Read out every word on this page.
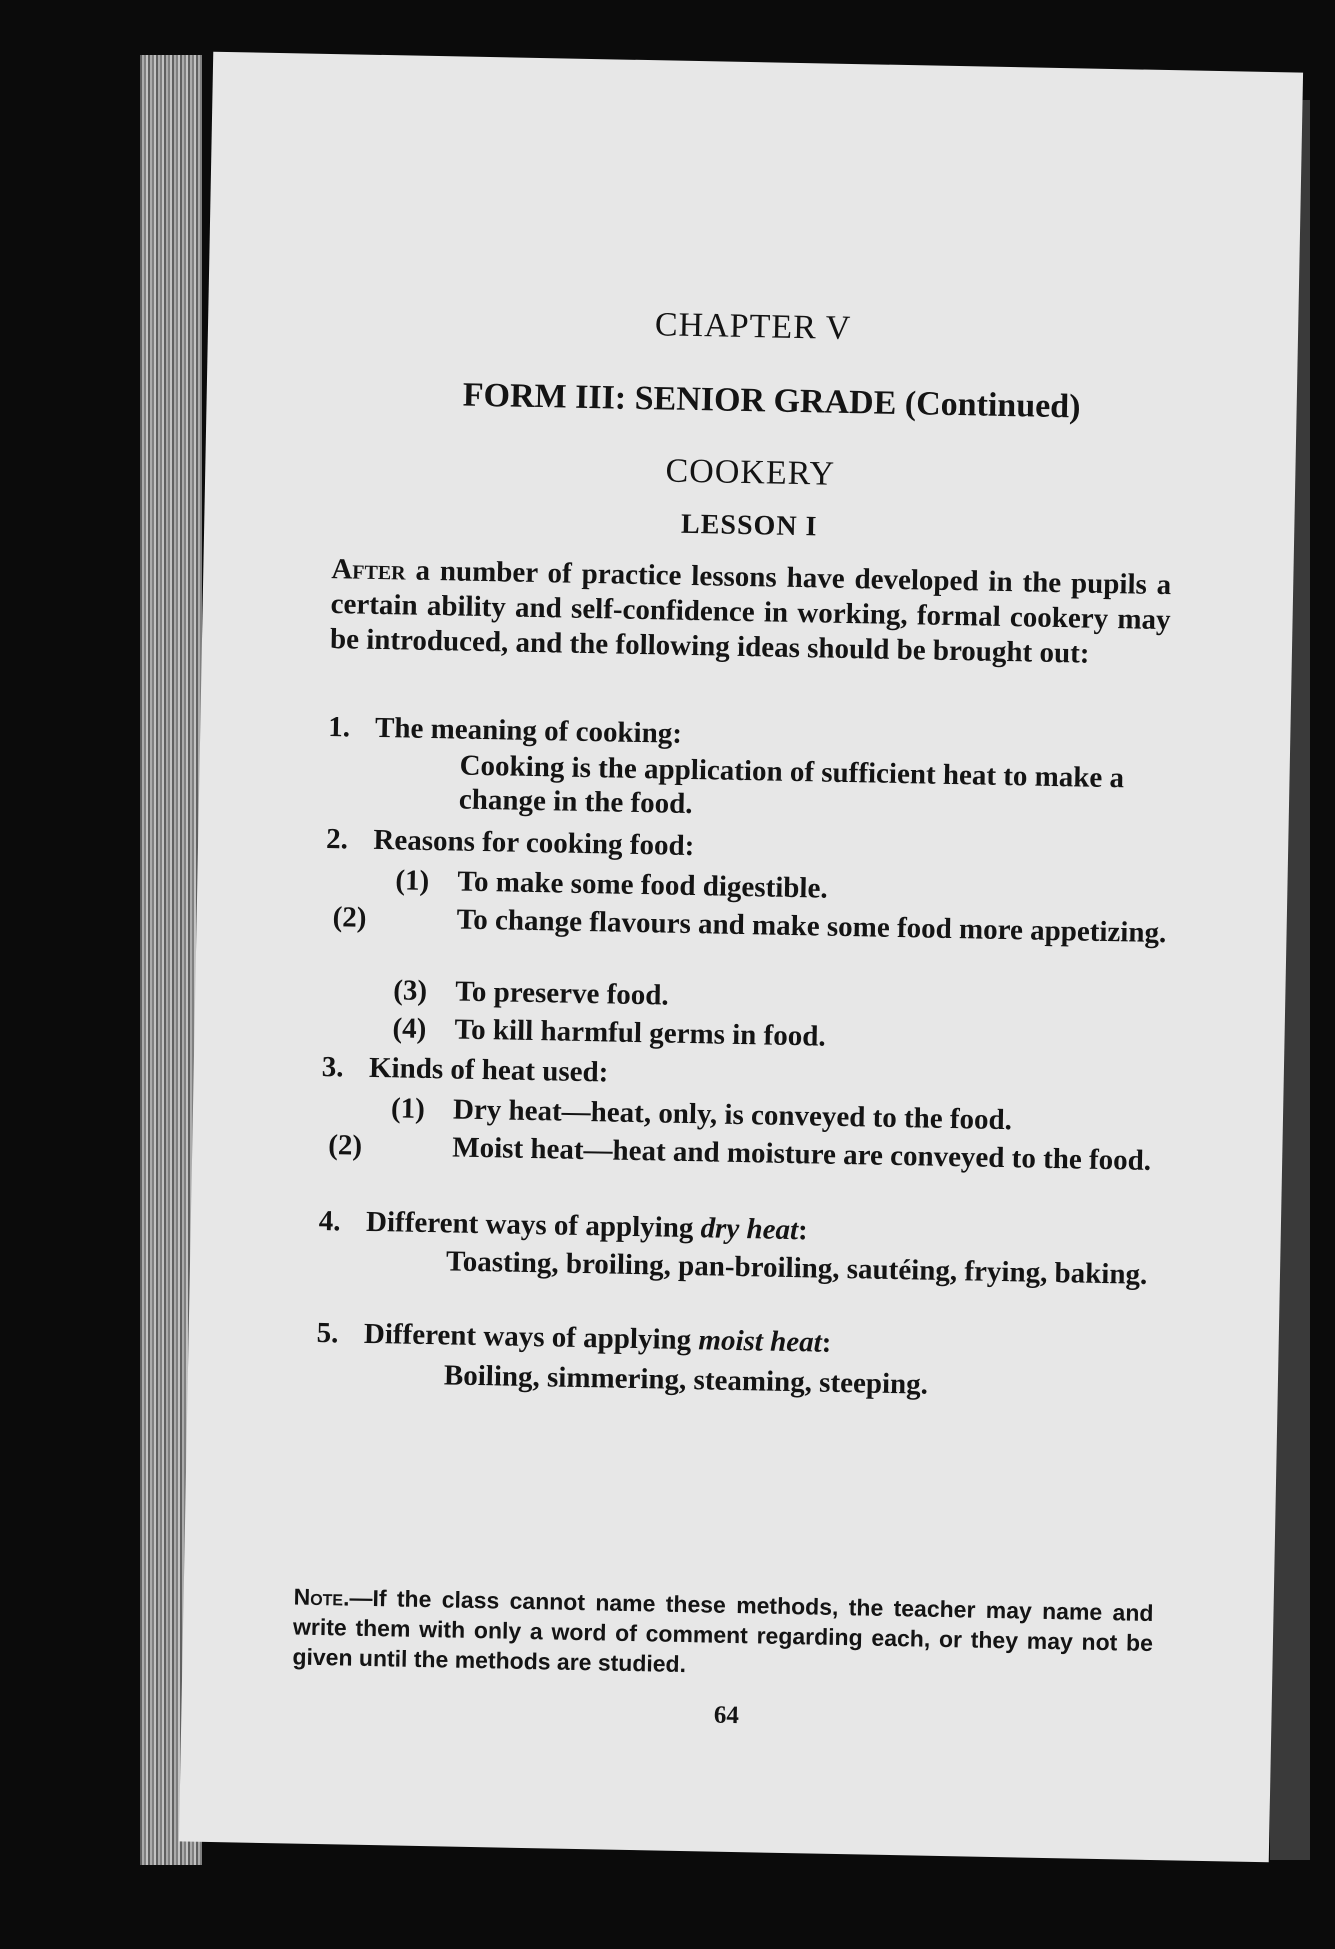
CHAPTER V
FORM III: SENIOR GRADE (Continued)
COOKERY
LESSON I
After a number of practice lessons have developed in the pupils a certain ability and self-confidence in working, formal cookery may be introduced, and the following ideas should be brought out:
1. The meaning of cooking:
Cooking is the application of sufficient heat to make a change in the food.
2. Reasons for cooking food:
(1) To make some food digestible.
(2)	To change flavours and make some food more appetizing.
(3) To preserve food.
(4) To kill harmful germs in food.
3. Kinds of heat used:
(1) Dry heat—heat, only, is conveyed to the food.
(2)	Moist heat—heat and moisture are conveyed to the food.
4. Different ways of applying dry heat:
Toasting, broiling, pan-broiling, sautéing, frying, baking.
5. Different ways of applying moist heat:
Boiling, simmering, steaming, steeping.
Note.—If the class cannot name these methods, the teacher may name and write them with only a word of comment regarding each, or they may not be given until the methods are studied.
64
